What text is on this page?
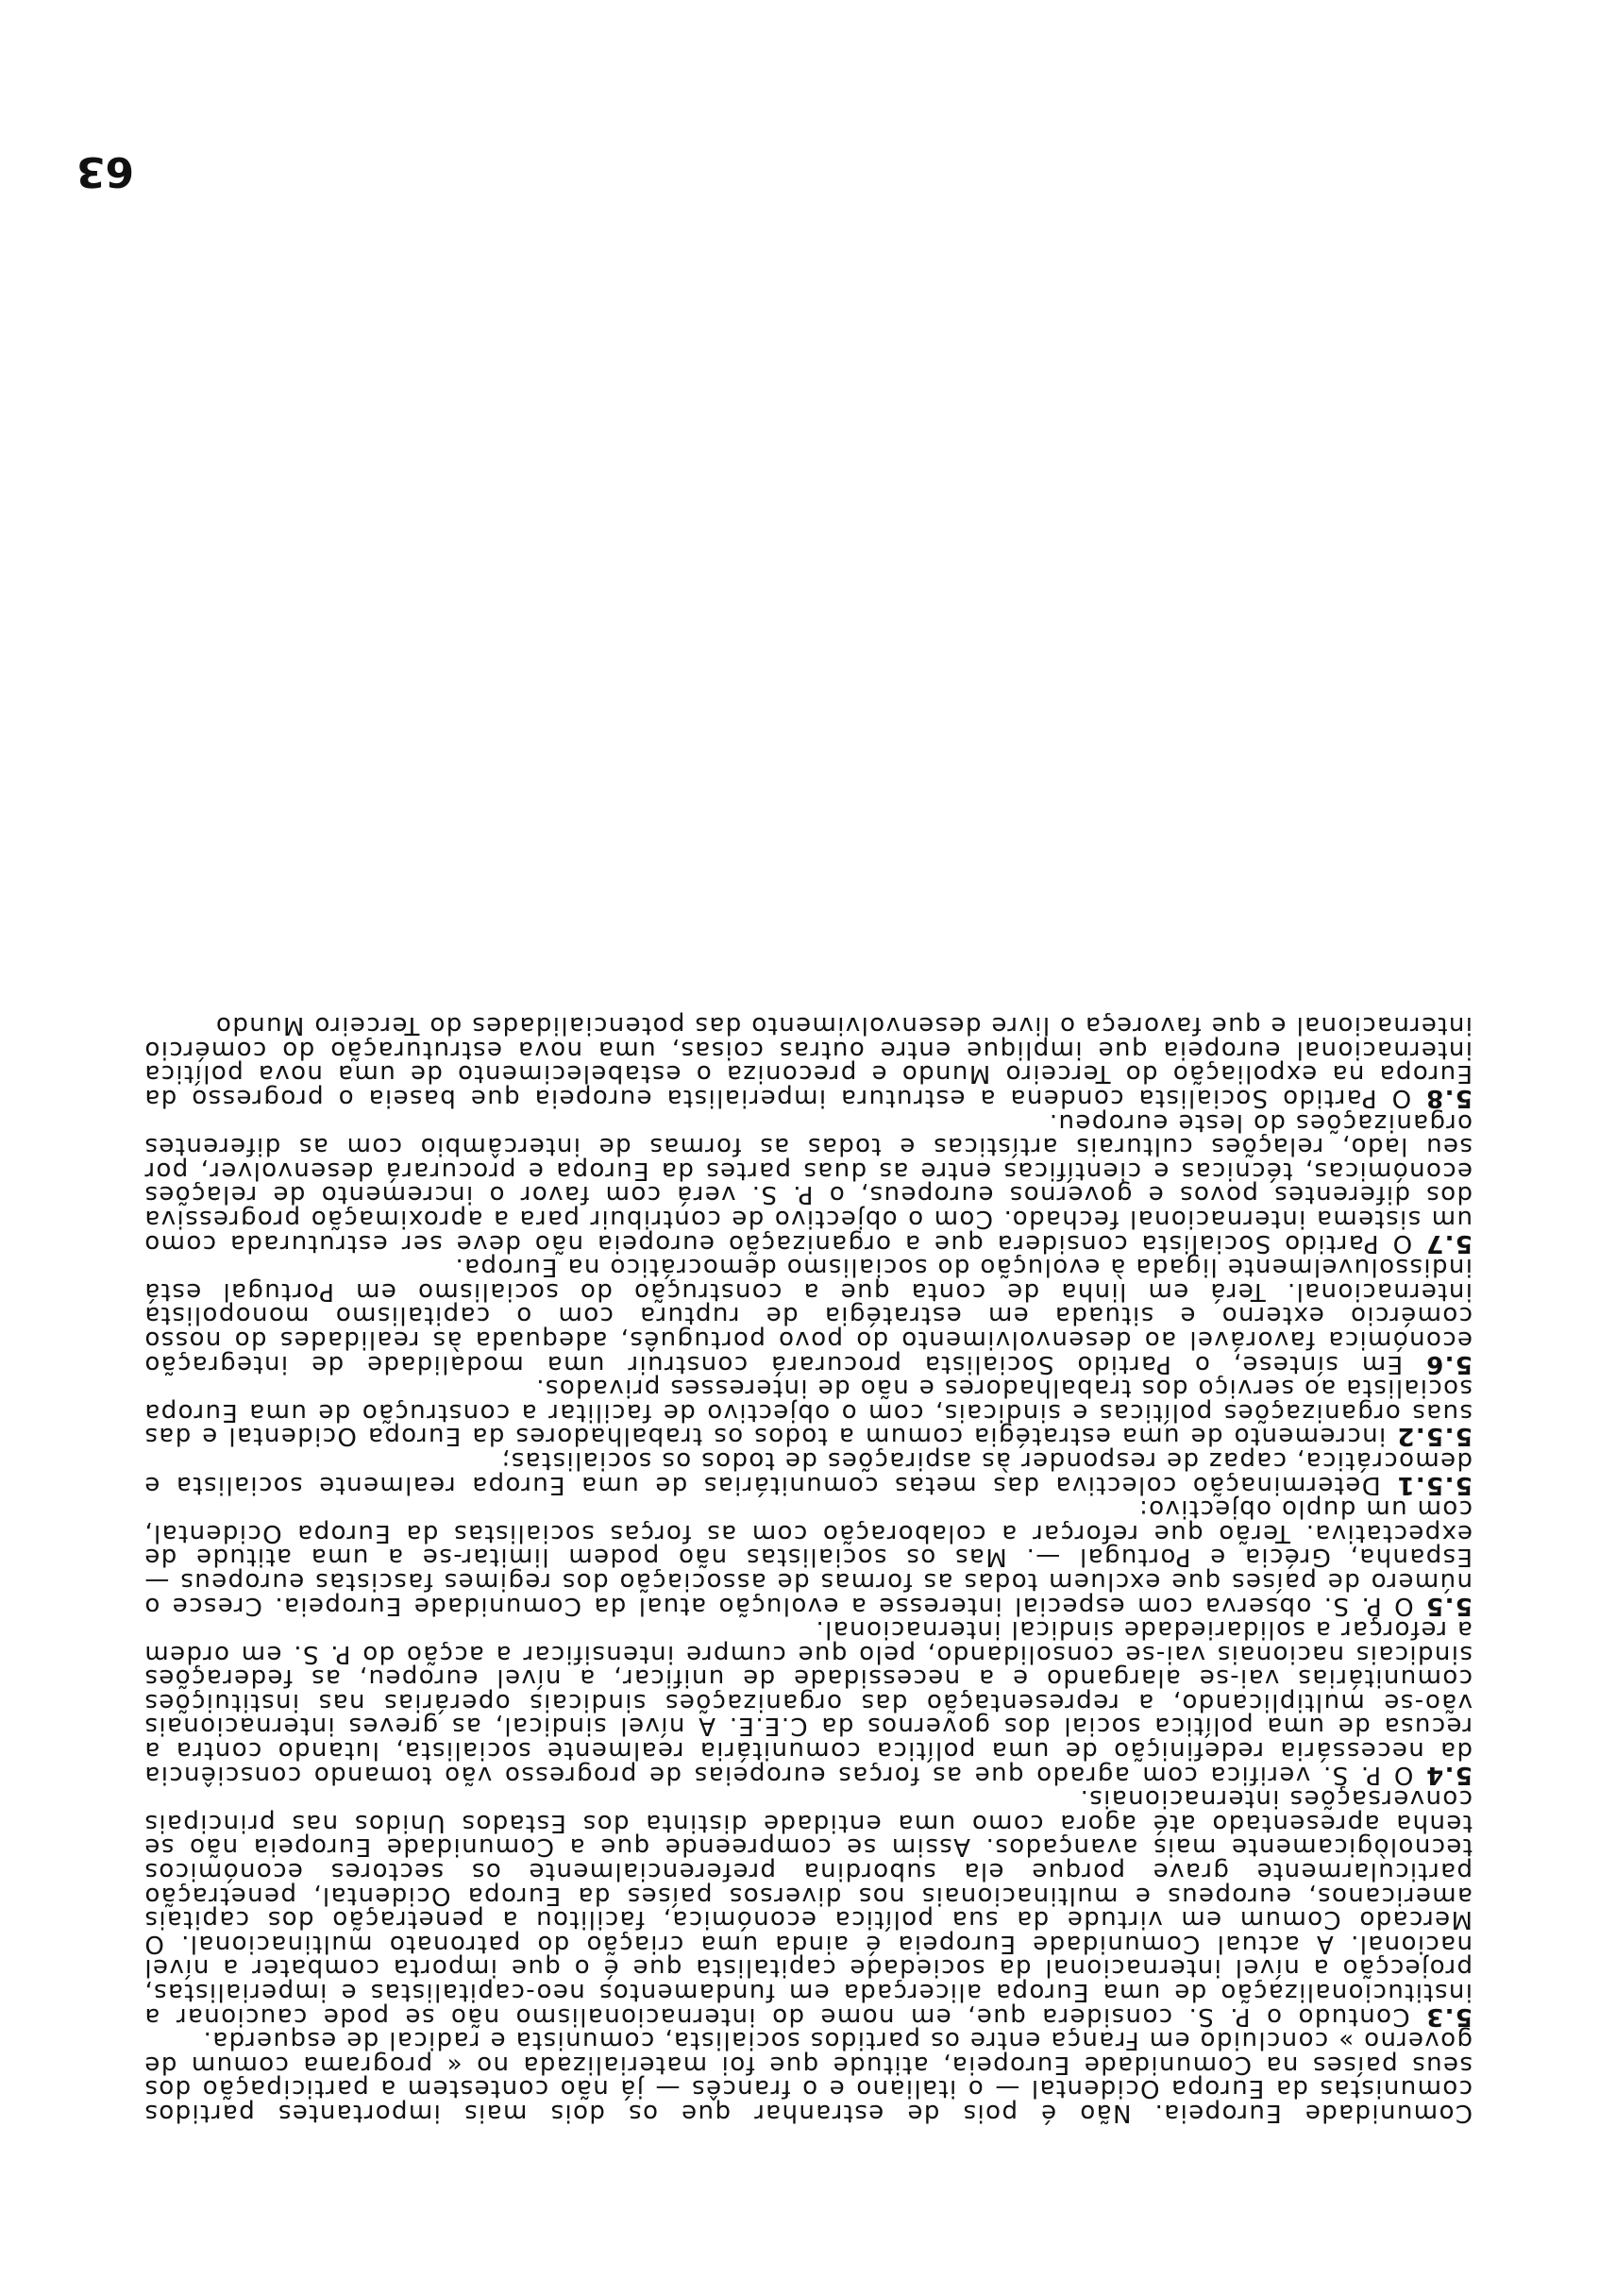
Comunidade Europeia. Não é pois de estranhar que os dois mais importantes partidos comunistas da Europa Ocidental — o italiano e o francês — já não contestem a participação dos seus países na Comunidade Europeia, atitude que foi materializada no « programa comum de governo » concluido em França entre os partidos socialista, comunista e radical de esquerda.

5.3 Contudo o P. S. considera que, em nome do internacionalismo não se pode caucionar a institucionalização de uma Europa alicerçada em fundamentos neo-capitalistas e imperialistas, projecção a nível internacional da sociedade capitalista que é o que importa combater a nível nacional. A actual Comunidade Europeia é ainda uma criação do patronato multinacional. O Mercado Comum em virtude da sua política económica, facilitou a penetração dos capitais americanos, europeus e multinacionais nos diversos países da Europa Ocidental, penetração particularmente grave porque ela subordina preferencialmente os sectores económicos tecnològicamente mais avançados. Assim se compreende que a Comunidade Europeia não se tenha apresentado até agora como uma entidade distinta dos Estados Unidos nas principais conversações internacionais.

5.4 O P. S. verifica com agrado que as forças europeias de progresso vão tomando consciência da necessária redefinição de uma política comunitária realmente socialista, lutando contra a recusa de uma política social dos governos da C.E.E. A nível sindical, as greves internacionais vão-se multiplicando, a representação das organizações sindicais operárias nas instituições comunitárias vai-se alargando e a necessidade de unificar, a nível europeu, as federações sindicais nacionais vai-se consolidando, pelo que cumpre intensificar a acção do P. S. em ordem a reforçar a solidariedade sindical internacional.

5.5 O P. S. observa com especial interesse a evolução atual da Comunidade Europeia. Cresce o número de países que excluem todas as formas de associação dos regimes fascistas europeus — Espanha, Grécia e Portugal —. Mas os socialistas não podem limitar-se a uma atitude de expectativa. Terão que reforçar a colaboração com as forças socialistas da Europa Ocidental, com um duplo objectivo:

5.5.1 Determinação colectiva das metas comunitárias de uma Europa realmente socialista e democrática, capaz de responder às aspirações de todos os socialistas;

5.5.2 incremento de uma estratégia comum a todos os trabalhadores da Europa Ocidental e das suas organizações políticas e sindicais, com o objectivo de facilitar a construção de uma Europa socialista ao serviço dos trabalhadores e não de interesses privados.

5.6 Em síntese, o Partido Socialista procurará construir uma modalidade de integração económica favorável ao desenvolvimento do povo português, adequada às realidades do nosso comércio externo e situada em estratégia de ruptura com o capitalismo monopolista internacional. Terá em linha de conta que a construção do socialismo em Portugal está indissoluvelmente ligada à evolução do socialismo democrático na Europa.

5.7 O Partido Socialista considera que a organização europeia não deve ser estruturada como um sistema internacional fechado. Com o objectivo de contribuir para a aproximação progressiva dos diferentes povos e governos europeus, o P. S. verá com favor o incremento de relações económicas, técnicas e científicas entre as duas partes da Europa e procurará desenvolver, por seu lado, relações culturais artísticas e todas as formas de intercâmbio com as diferentes organizações do leste europeu.

5.8 O Partido Socialista condena a estrutura imperialista europeia que baseia o progresso da Europa na expoliação do Terceiro Mundo e preconiza o estabelecimento de uma nova política internacional europeia que implique entre outras coisas, uma nova estruturação do comércio internacional e que favoreça o livre desenvolvimento das potencialidades do Terceiro Mundo

63
